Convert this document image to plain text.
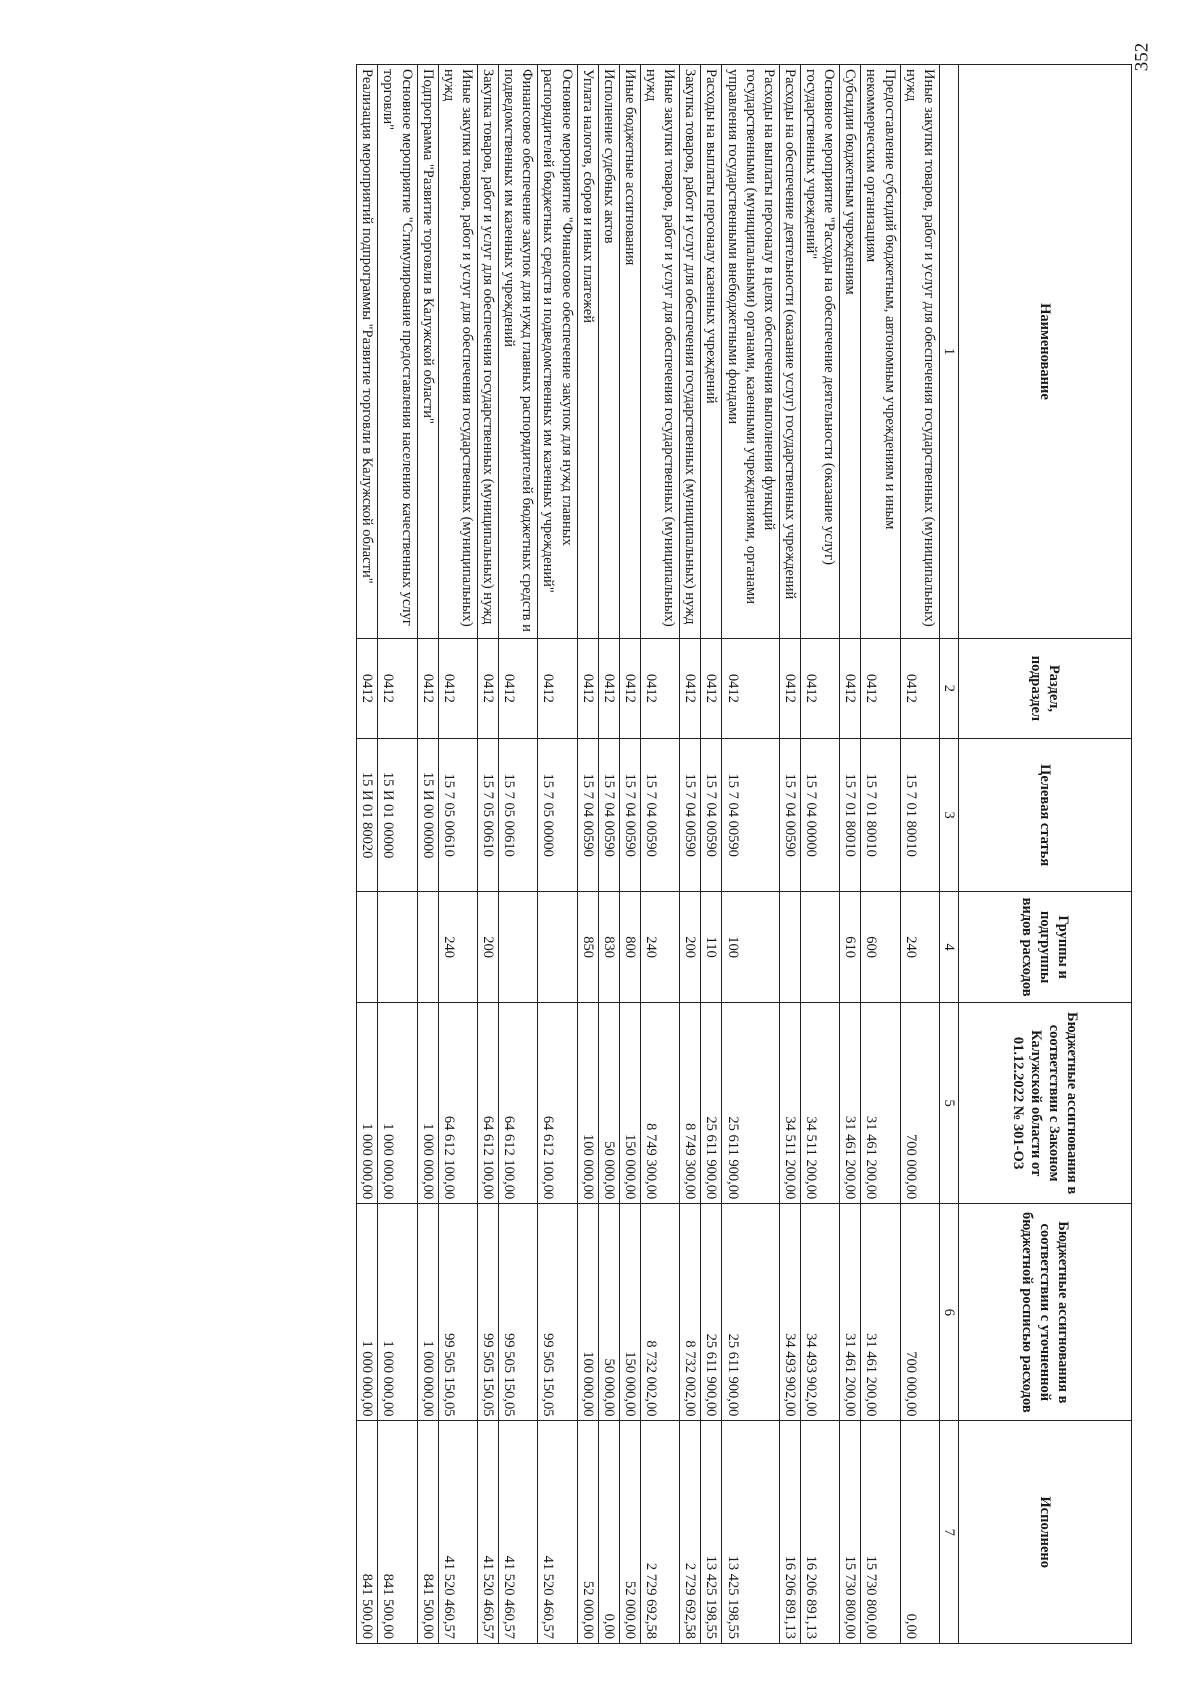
352
Наименование	Раздел, подраздел	Целевая статья	Группы и подгруппы видов расходов	Бюджетные ассигнования в соответствии с Законом Калужской области от 01.12.2022 № 301-ОЗ	Бюджетные ассигнования в соответствии с уточненной бюджетной росписью расходов	Исполнено
1	2	3	4	5	6	7
Иные закупки товаров, работ и услуг для обеспечения государственных (муниципальных) нужд	0412	15 7 01 80010	240	700 000,00	700 000,00	0,00
Предоставление субсидий бюджетным, автономным учреждениям и иным некоммерческим организациям	0412	15 7 01 80010	600	31 461 200,00	31 461 200,00	15 730 800,00
Субсидии бюджетным учреждениям	0412	15 7 01 80010	610	31 461 200,00	31 461 200,00	15 730 800,00
Основное мероприятие "Расходы на обеспечение деятельности (оказание услуг) государственных учреждений"	0412	15 7 04 00000		34 511 200,00	34 493 902,00	16 206 891,13
Расходы на обеспечение деятельности (оказание услуг) государственных учреждений	0412	15 7 04 00590		34 511 200,00	34 493 902,00	16 206 891,13
Расходы на выплаты персоналу в целях обеспечения выполнения функций государственными (муниципальными) органами, казенными учреждениями, органами управления государственными внебюджетными фондами	0412	15 7 04 00590	100	25 611 900,00	25 611 900,00	13 425 198,55
Расходы на выплаты персоналу казенных учреждений	0412	15 7 04 00590	110	25 611 900,00	25 611 900,00	13 425 198,55
Закупка товаров, работ и услуг для обеспечения государственных (муниципальных) нужд	0412	15 7 04 00590	200	8 749 300,00	8 732 002,00	2 729 692,58
Иные закупки товаров, работ и услуг для обеспечения государственных (муниципальных) нужд	0412	15 7 04 00590	240	8 749 300,00	8 732 002,00	2 729 692,58
Иные бюджетные ассигнования	0412	15 7 04 00590	800	150 000,00	150 000,00	52 000,00
Исполнение судебных актов	0412	15 7 04 00590	830	50 000,00	50 000,00	0,00
Уплата налогов, сборов и иных платежей	0412	15 7 04 00590	850	100 000,00	100 000,00	52 000,00
Основное мероприятие "Финансовое обеспечение закупок для нужд главных распорядителей бюджетных средств и подведомственных им казенных учреждений"	0412	15 7 05 00000		64 612 100,00	99 505 150,05	41 520 460,57
Финансовое обеспечение закупок для нужд главных распорядителей бюджетных средств и подведомственных им казенных учреждений	0412	15 7 05 00610		64 612 100,00	99 505 150,05	41 520 460,57
Закупка товаров, работ и услуг для обеспечения государственных (муниципальных) нужд	0412	15 7 05 00610	200	64 612 100,00	99 505 150,05	41 520 460,57
Иные закупки товаров, работ и услуг для обеспечения государственных (муниципальных) нужд	0412	15 7 05 00610	240	64 612 100,00	99 505 150,05	41 520 460,57
Подпрограмма "Развитие торговли в Калужской области"	0412	15 И 00 00000		1 000 000,00	1 000 000,00	841 500,00
Основное мероприятие "Стимулирование предоставления населению качественных услуг торговли"	0412	15 И 01 00000		1 000 000,00	1 000 000,00	841 500,00
Реализация мероприятий подпрограммы "Развитие торговли в Калужской области"	0412	15 И 01 80020		1 000 000,00	1 000 000,00	841 500,00
